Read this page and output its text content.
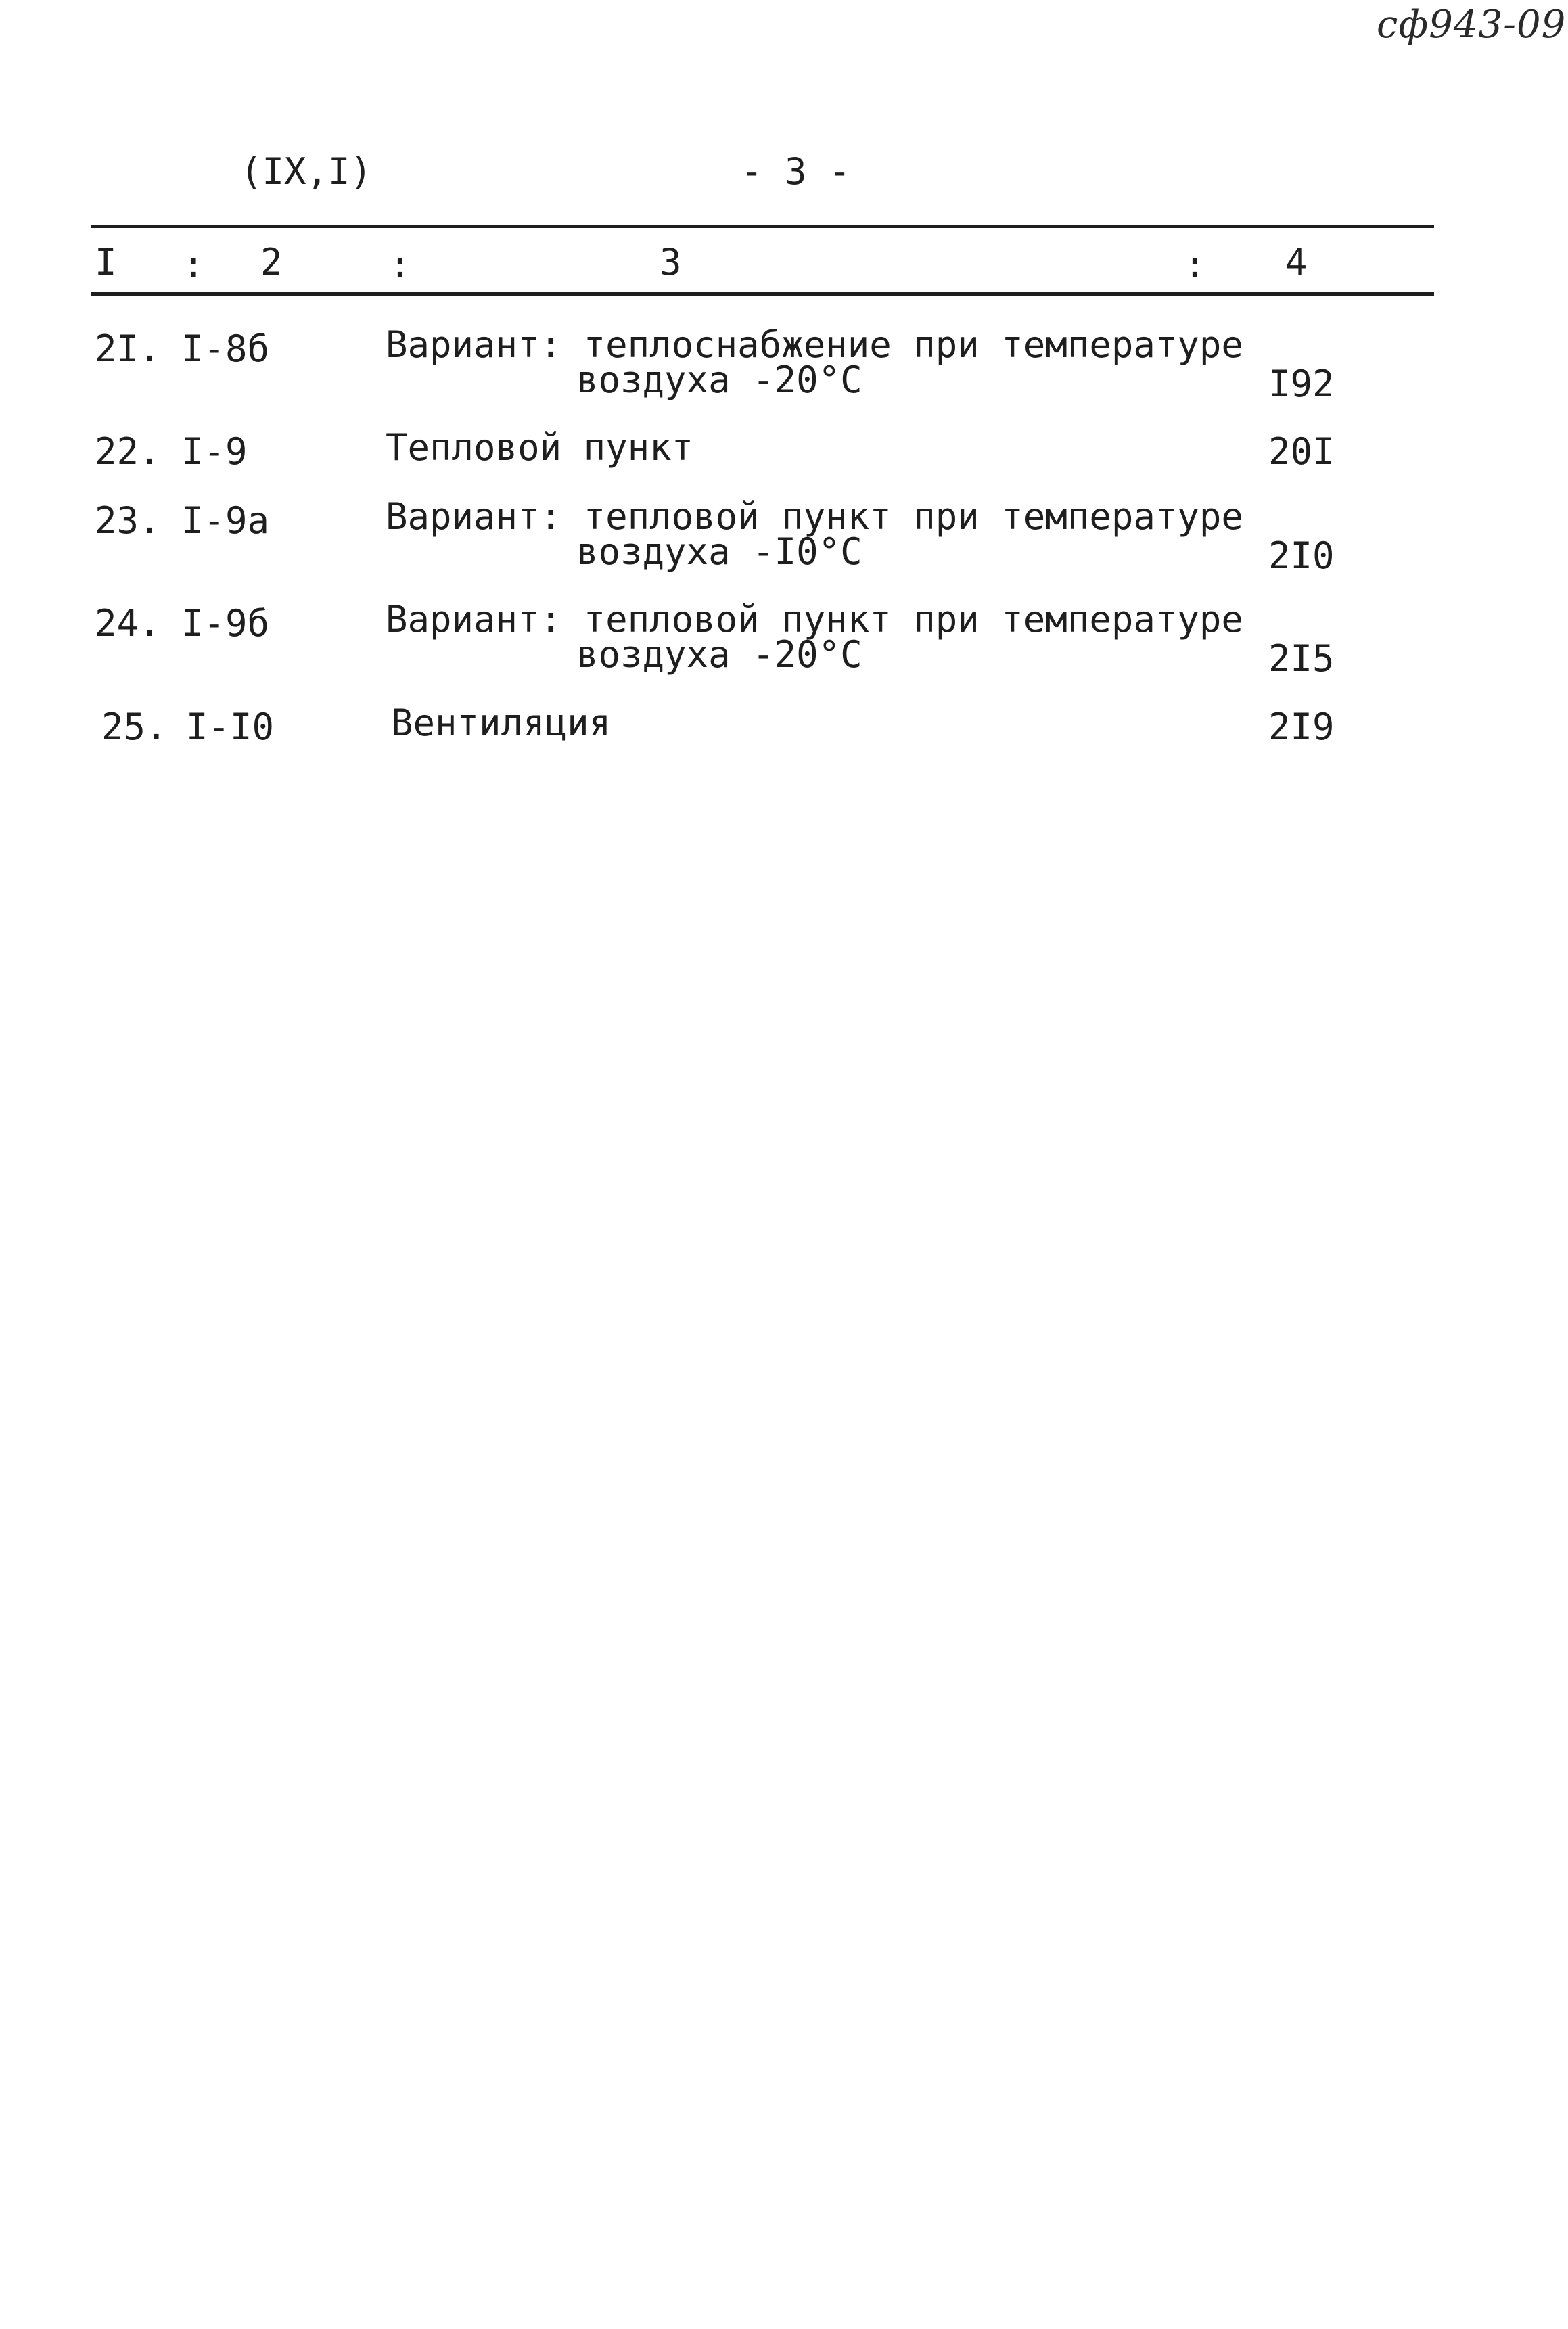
сф943-09
(IX,I)	- 3 -
I : 2	:	3	: 4
2I. I-8б	Вариант: теплоснабжение при температуре
воздуха -20°С	I92
22. I-9	Тепловой пункт	20I
23. I-9а	Вариант: тепловой пункт при температуре
воздуха -I0°С	2I0
24. I-9б	Вариант: тепловой пункт при температуре
воздуха -20°С	2I5
25. I-I0	Вентиляция	2I9
